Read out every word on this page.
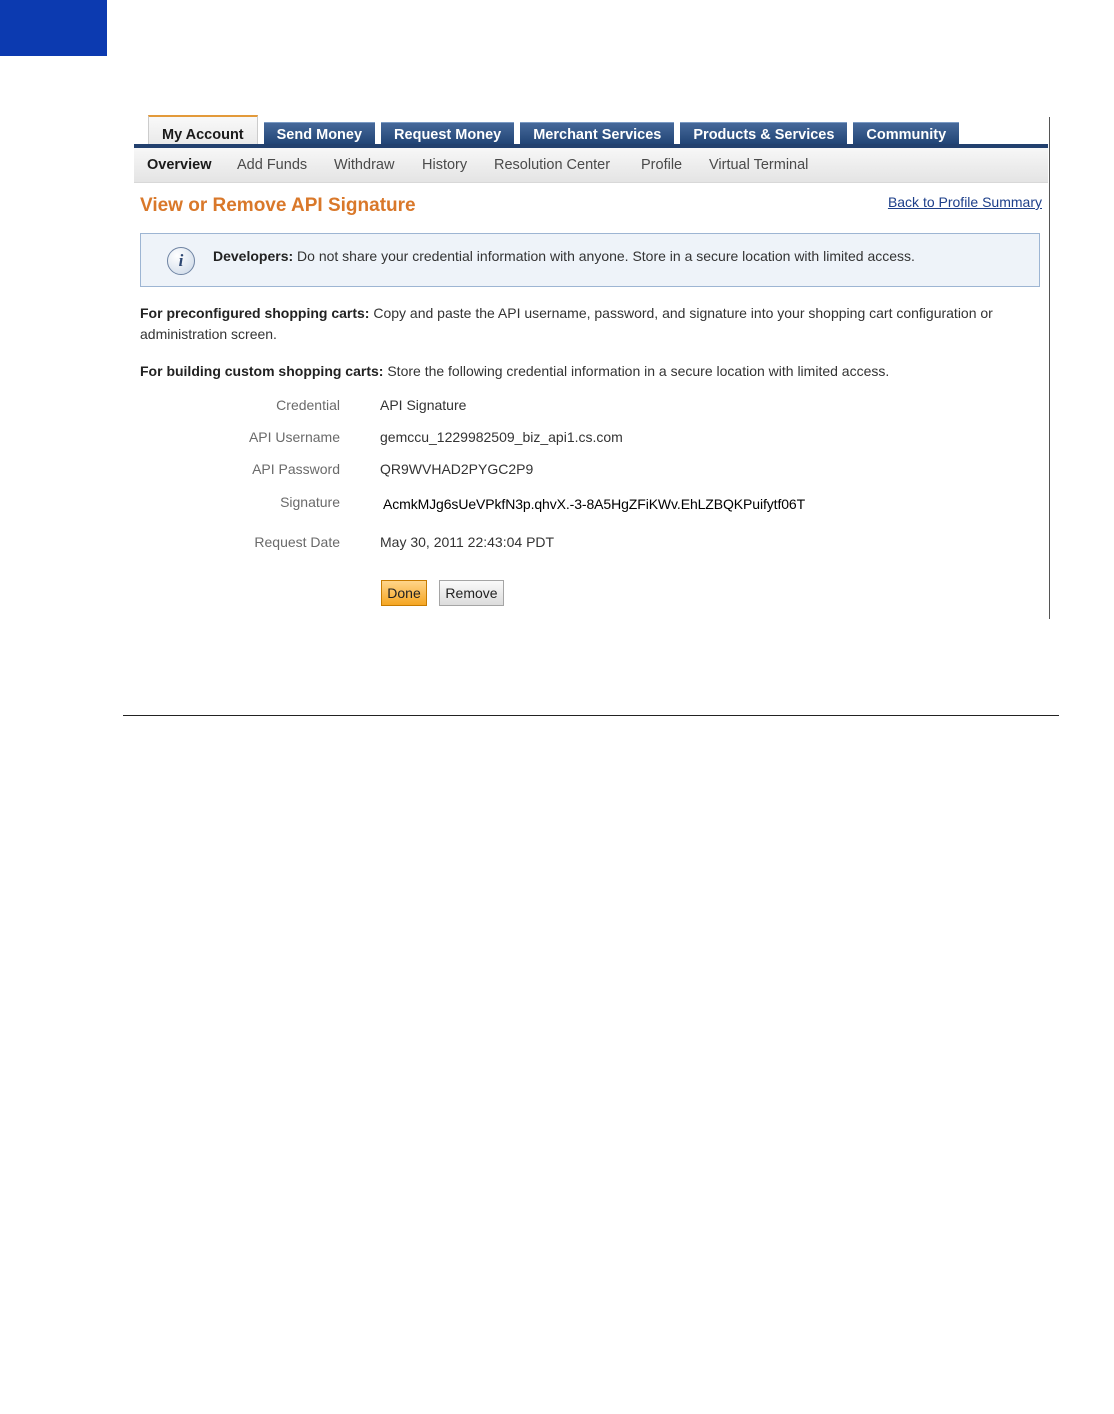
My Account	Send Money	Request Money	Merchant Services	Products & Services	Community
Overview Add Funds Withdraw History Resolution Center Profile Virtual Terminal
View or Remove API Signature	Back to Profile Summary
i	Developers: Do not share your credential information with anyone. Store in a secure location with limited access.
For preconfigured shopping carts: Copy and paste the API username, password, and signature into your shopping cart configuration or administration screen.
For building custom shopping carts: Store the following credential information in a secure location with limited access.
Credential	API Signature
API Username	gemccu_1229982509_biz_api1.cs.com
API Password	QR9WVHAD2PYGC2P9
Signature	AcmkMJg6sUeVPkfN3p.qhvX.-3-8A5HgZFiKWv.EhLZBQKPuifytf06T
Request Date	May 30, 2011 22:43:04 PDT
Done	Remove
